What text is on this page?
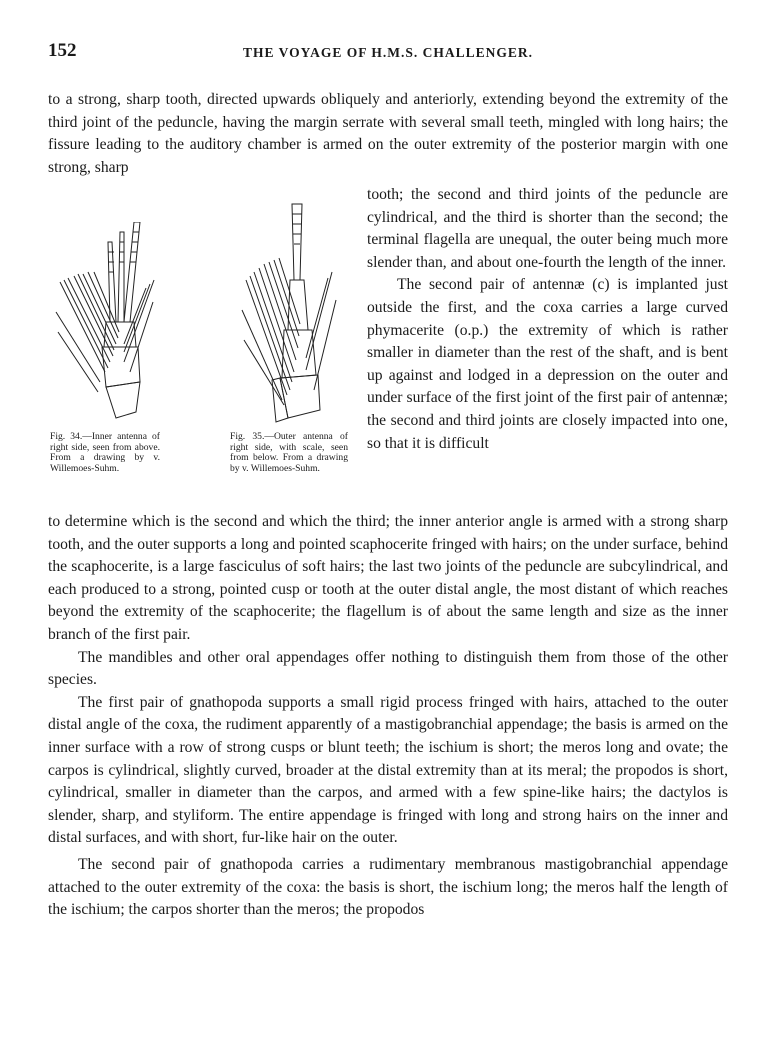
152	THE VOYAGE OF H.M.S. CHALLENGER.

to a strong, sharp tooth, directed upwards obliquely and anteriorly, extending beyond the extremity of the third joint of the peduncle, having the margin serrate with several small teeth, mingled with long hairs; the fissure leading to the auditory chamber is armed on the outer extremity of the posterior margin with one strong, sharp

tooth; the second and third joints of the peduncle are cylindrical, and the third is shorter than the second; the terminal flagella are unequal, the outer being much more slender than, and about one-fourth the length of the inner.

The second pair of antennæ (c) is implanted just outside the first, and the coxa carries a large curved phymacerite (o.p.) the extremity of which is rather smaller in diameter than the rest of the shaft, and is bent up against and lodged in a depression on the outer and under surface of the first joint of the first pair of antennæ; the second and third joints are closely impacted into one, so that it is difficult

Fig. 34.—Inner antenna of right side, seen from above. From a drawing by v. Willemoes-Suhm.
Fig. 35.—Outer antenna of right side, with scale, seen from below. From a drawing by v. Willemoes-Suhm.

to determine which is the second and which the third; the inner anterior angle is armed with a strong sharp tooth, and the outer supports a long and pointed scaphocerite fringed with hairs; on the under surface, behind the scaphocerite, is a large fasciculus of soft hairs; the last two joints of the peduncle are subcylindrical, and each produced to a strong, pointed cusp or tooth at the outer distal angle, the most distant of which reaches beyond the extremity of the scaphocerite; the flagellum is of about the same length and size as the inner branch of the first pair.

The mandibles and other oral appendages offer nothing to distinguish them from those of the other species.

The first pair of gnathopoda supports a small rigid process fringed with hairs, attached to the outer distal angle of the coxa, the rudiment apparently of a mastigobranchial appendage; the basis is armed on the inner surface with a row of strong cusps or blunt teeth; the ischium is short; the meros long and ovate; the carpos is cylindrical, slightly curved, broader at the distal extremity than at its meral; the propodos is short, cylindrical, smaller in diameter than the carpos, and armed with a few spine-like hairs; the dactylos is slender, sharp, and styliform. The entire appendage is fringed with long and strong hairs on the inner and distal surfaces, and with short, fur-like hair on the outer.

The second pair of gnathopoda carries a rudimentary membranous mastigobranchial appendage attached to the outer extremity of the coxa: the basis is short, the ischium long; the meros half the length of the ischium; the carpos shorter than the meros; the propodos
